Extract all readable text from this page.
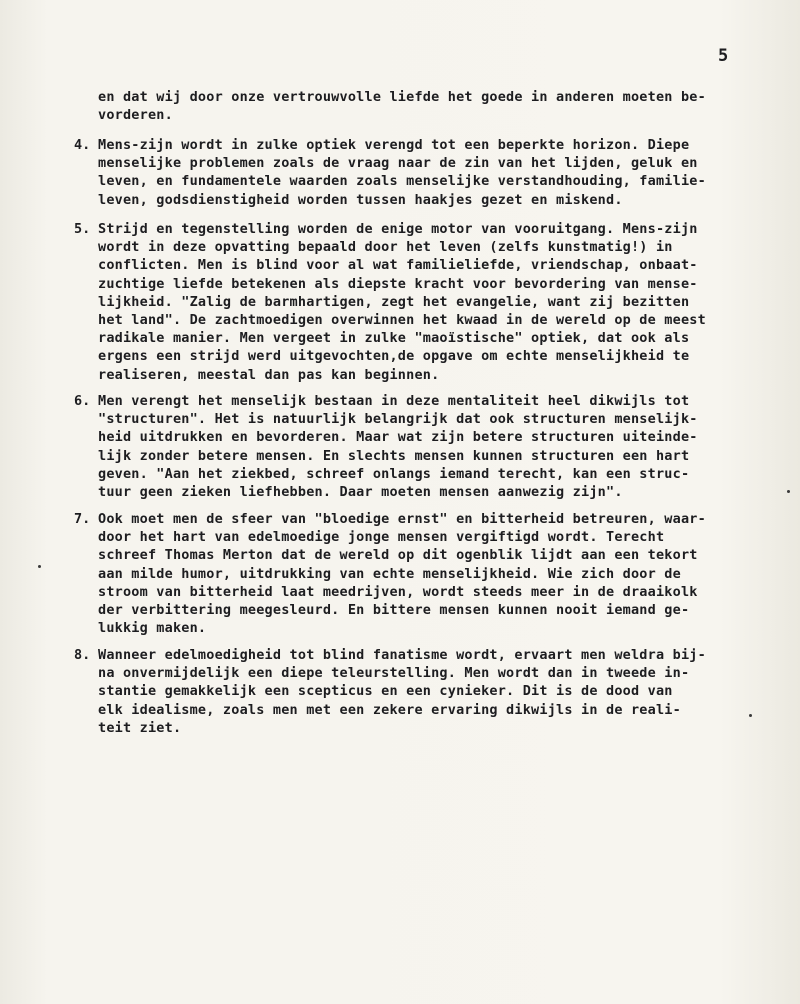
5
en dat wij door onze vertrouwvolle liefde het goede in anderen moeten be-
vorderen.
4. Mens-zijn wordt in zulke optiek verengd tot een beperkte horizon. Diepe
menselijke problemen zoals de vraag naar de zin van het lijden, geluk en
leven, en fundamentele waarden zoals menselijke verstandhouding, familie-
leven, godsdienstigheid worden tussen haakjes gezet en miskend.
5. Strijd en tegenstelling worden de enige motor van vooruitgang. Mens-zijn
wordt in deze opvatting bepaald door het leven (zelfs kunstmatig!) in
conflicten. Men is blind voor al wat familieliefde, vriendschap, onbaat-
zuchtige liefde betekenen als diepste kracht voor bevordering van mense-
lijkheid. "Zalig de barmhartigen, zegt het evangelie, want zij bezitten
het land". De zachtmoedigen overwinnen het kwaad in de wereld op de meest
radikale manier. Men vergeet in zulke "maoïstische" optiek, dat ook als
ergens een strijd werd uitgevochten,de opgave om echte menselijkheid te
realiseren, meestal dan pas kan beginnen.
6. Men verengt het menselijk bestaan in deze mentaliteit heel dikwijls tot
"structuren". Het is natuurlijk belangrijk dat ook structuren menselijk-
heid uitdrukken en bevorderen. Maar wat zijn betere structuren uiteinde-
lijk zonder betere mensen. En slechts mensen kunnen structuren een hart
geven. "Aan het ziekbed, schreef onlangs iemand terecht, kan een struc-
tuur geen zieken liefhebben. Daar moeten mensen aanwezig zijn".
7. Ook moet men de sfeer van "bloedige ernst" en bitterheid betreuren, waar-
door het hart van edelmoedige jonge mensen vergiftigd wordt. Terecht
schreef Thomas Merton dat de wereld op dit ogenblik lijdt aan een tekort
aan milde humor, uitdrukking van echte menselijkheid. Wie zich door de
stroom van bitterheid laat meedrijven, wordt steeds meer in de draaikolk
der verbittering meegesleurd. En bittere mensen kunnen nooit iemand ge-
lukkig maken.
8. Wanneer edelmoedigheid tot blind fanatisme wordt, ervaart men weldra bij-
na onvermijdelijk een diepe teleurstelling. Men wordt dan in tweede in-
stantie gemakkelijk een scepticus en een cynieker. Dit is de dood van
elk idealisme, zoals men met een zekere ervaring dikwijls in de reali-
teit ziet.
